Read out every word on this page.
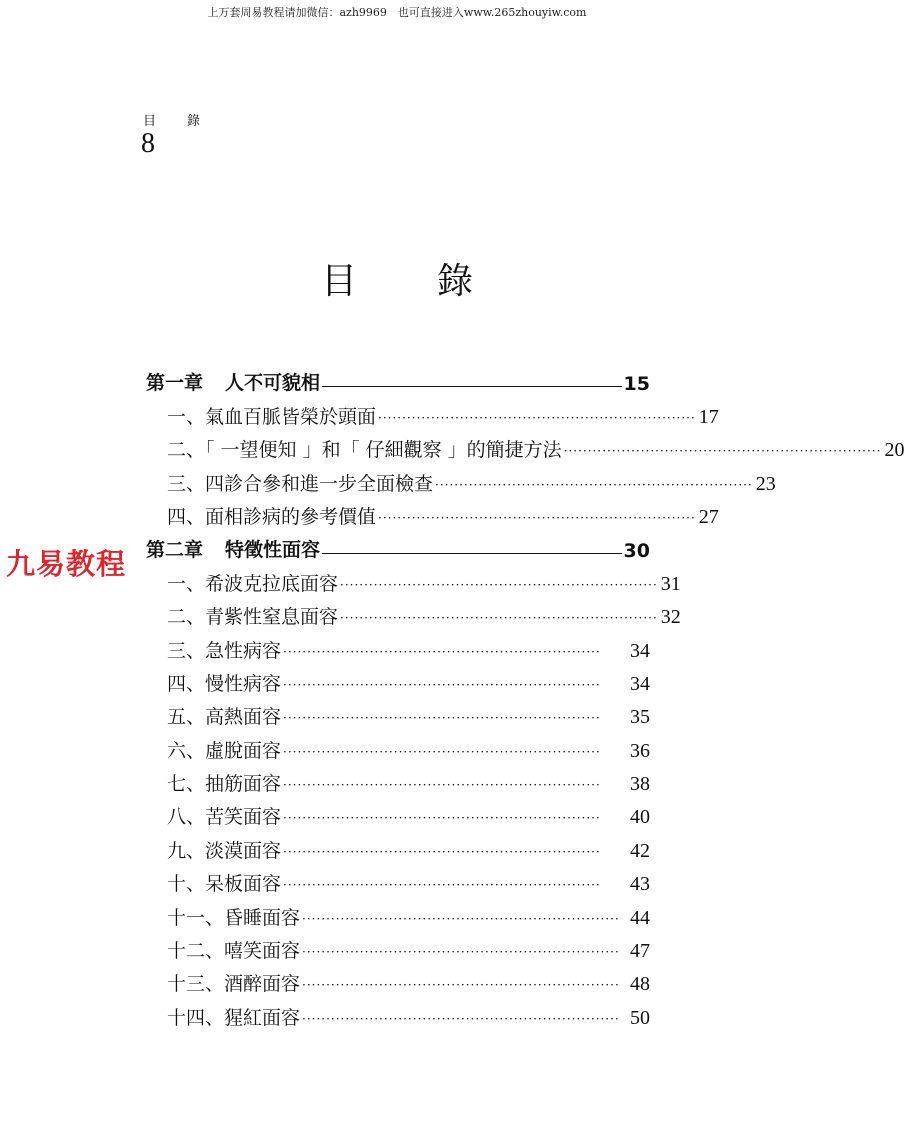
上万套周易教程请加微信：azh9969　也可直接进入www.265zhouyiw.com
目 錄
8
目 錄
九易教程
第一章 人不可貌相	15
一、氣血百脈皆榮於頭面 ·································································· 17
二、「 一望便知 」和「 仔細觀察 」的簡捷方法 ·································································· 20
三、四診合參和進一步全面檢查 ·································································· 23
四、面相診病的參考價值 ·································································· 27
第二章 特徵性面容	30
一、希波克拉底面容 ·································································· 31
二、青紫性窒息面容 ·································································· 32
三、急性病容 ··································································	34
四、慢性病容 ··································································	34
五、高熱面容 ··································································	35
六、虛脫面容 ··································································	36
七、抽筋面容 ··································································	38
八、苦笑面容 ··································································	40
九、淡漠面容 ··································································	42
十、呆板面容 ··································································	43
十一、昏睡面容 ·································································· 44
十二、嘻笑面容 ·································································· 47
十三、酒醉面容 ·································································· 48
十四、猩紅面容 ·································································· 50
